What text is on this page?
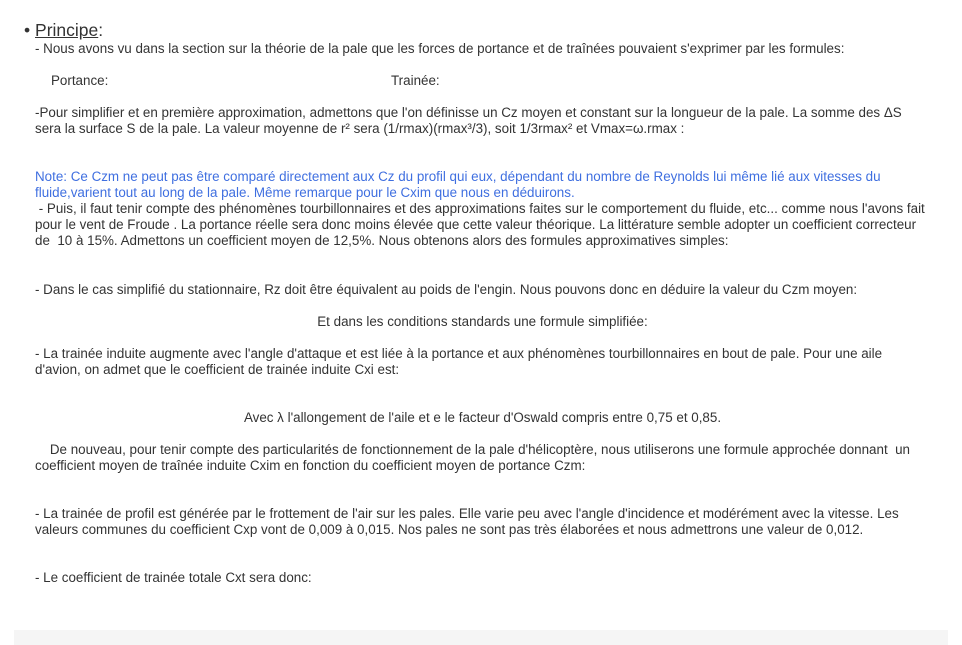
• Principe:

- Nous avons vu dans la section sur la théorie de la pale que les forces de portance et de traînées pouvaient s'exprimer par les formules:

Portance:	Trainée:

-Pour simplifier et en première approximation, admettons que l'on définisse un Cz moyen et constant sur la longueur de la pale. La somme des ΔS sera la surface S de la pale. La valeur moyenne de r² sera (1/rmax)(rmax³/3), soit 1/3rmax² et Vmax=ω.rmax :

Note: Ce Czm ne peut pas être comparé directement aux Cz du profil qui eux, dépendant du nombre de Reynolds lui même lié aux vitesses du fluide,varient tout au long de la pale. Même remarque pour le Cxim que nous en déduirons.

- Puis, il faut tenir compte des phénomènes tourbillonnaires et des approximations faites sur le comportement du fluide, etc... comme nous l'avons fait pour le vent de Froude . La portance réelle sera donc moins élevée que cette valeur théorique. La littérature semble adopter un coefficient correcteur de  10 à 15%. Admettons un coefficient moyen de 12,5%. Nous obtenons alors des formules approximatives simples:

- Dans le cas simplifié du stationnaire, Rz doit être équivalent au poids de l'engin. Nous pouvons donc en déduire la valeur du Czm moyen:

Et dans les conditions standards une formule simplifiée:

- La trainée induite augmente avec l'angle d'attaque et est liée à la portance et aux phénomènes tourbillonnaires en bout de pale. Pour une aile d'avion, on admet que le coefficient de trainée induite Cxi est:

Avec λ l'allongement de l'aile et e le facteur d'Oswald compris entre 0,75 et 0,85.

De nouveau, pour tenir compte des particularités de fonctionnement de la pale d'hélicoptère, nous utiliserons une formule approchée donnant  un coefficient moyen de traînée induite Cxim en fonction du coefficient moyen de portance Czm:

- La trainée de profil est générée par le frottement de l'air sur les pales. Elle varie peu avec l'angle d'incidence et modérément avec la vitesse. Les valeurs communes du coefficient Cxp vont de 0,009 à 0,015. Nos pales ne sont pas très élaborées et nous admettrons une valeur de 0,012.

- Le coefficient de trainée totale Cxt sera donc:
